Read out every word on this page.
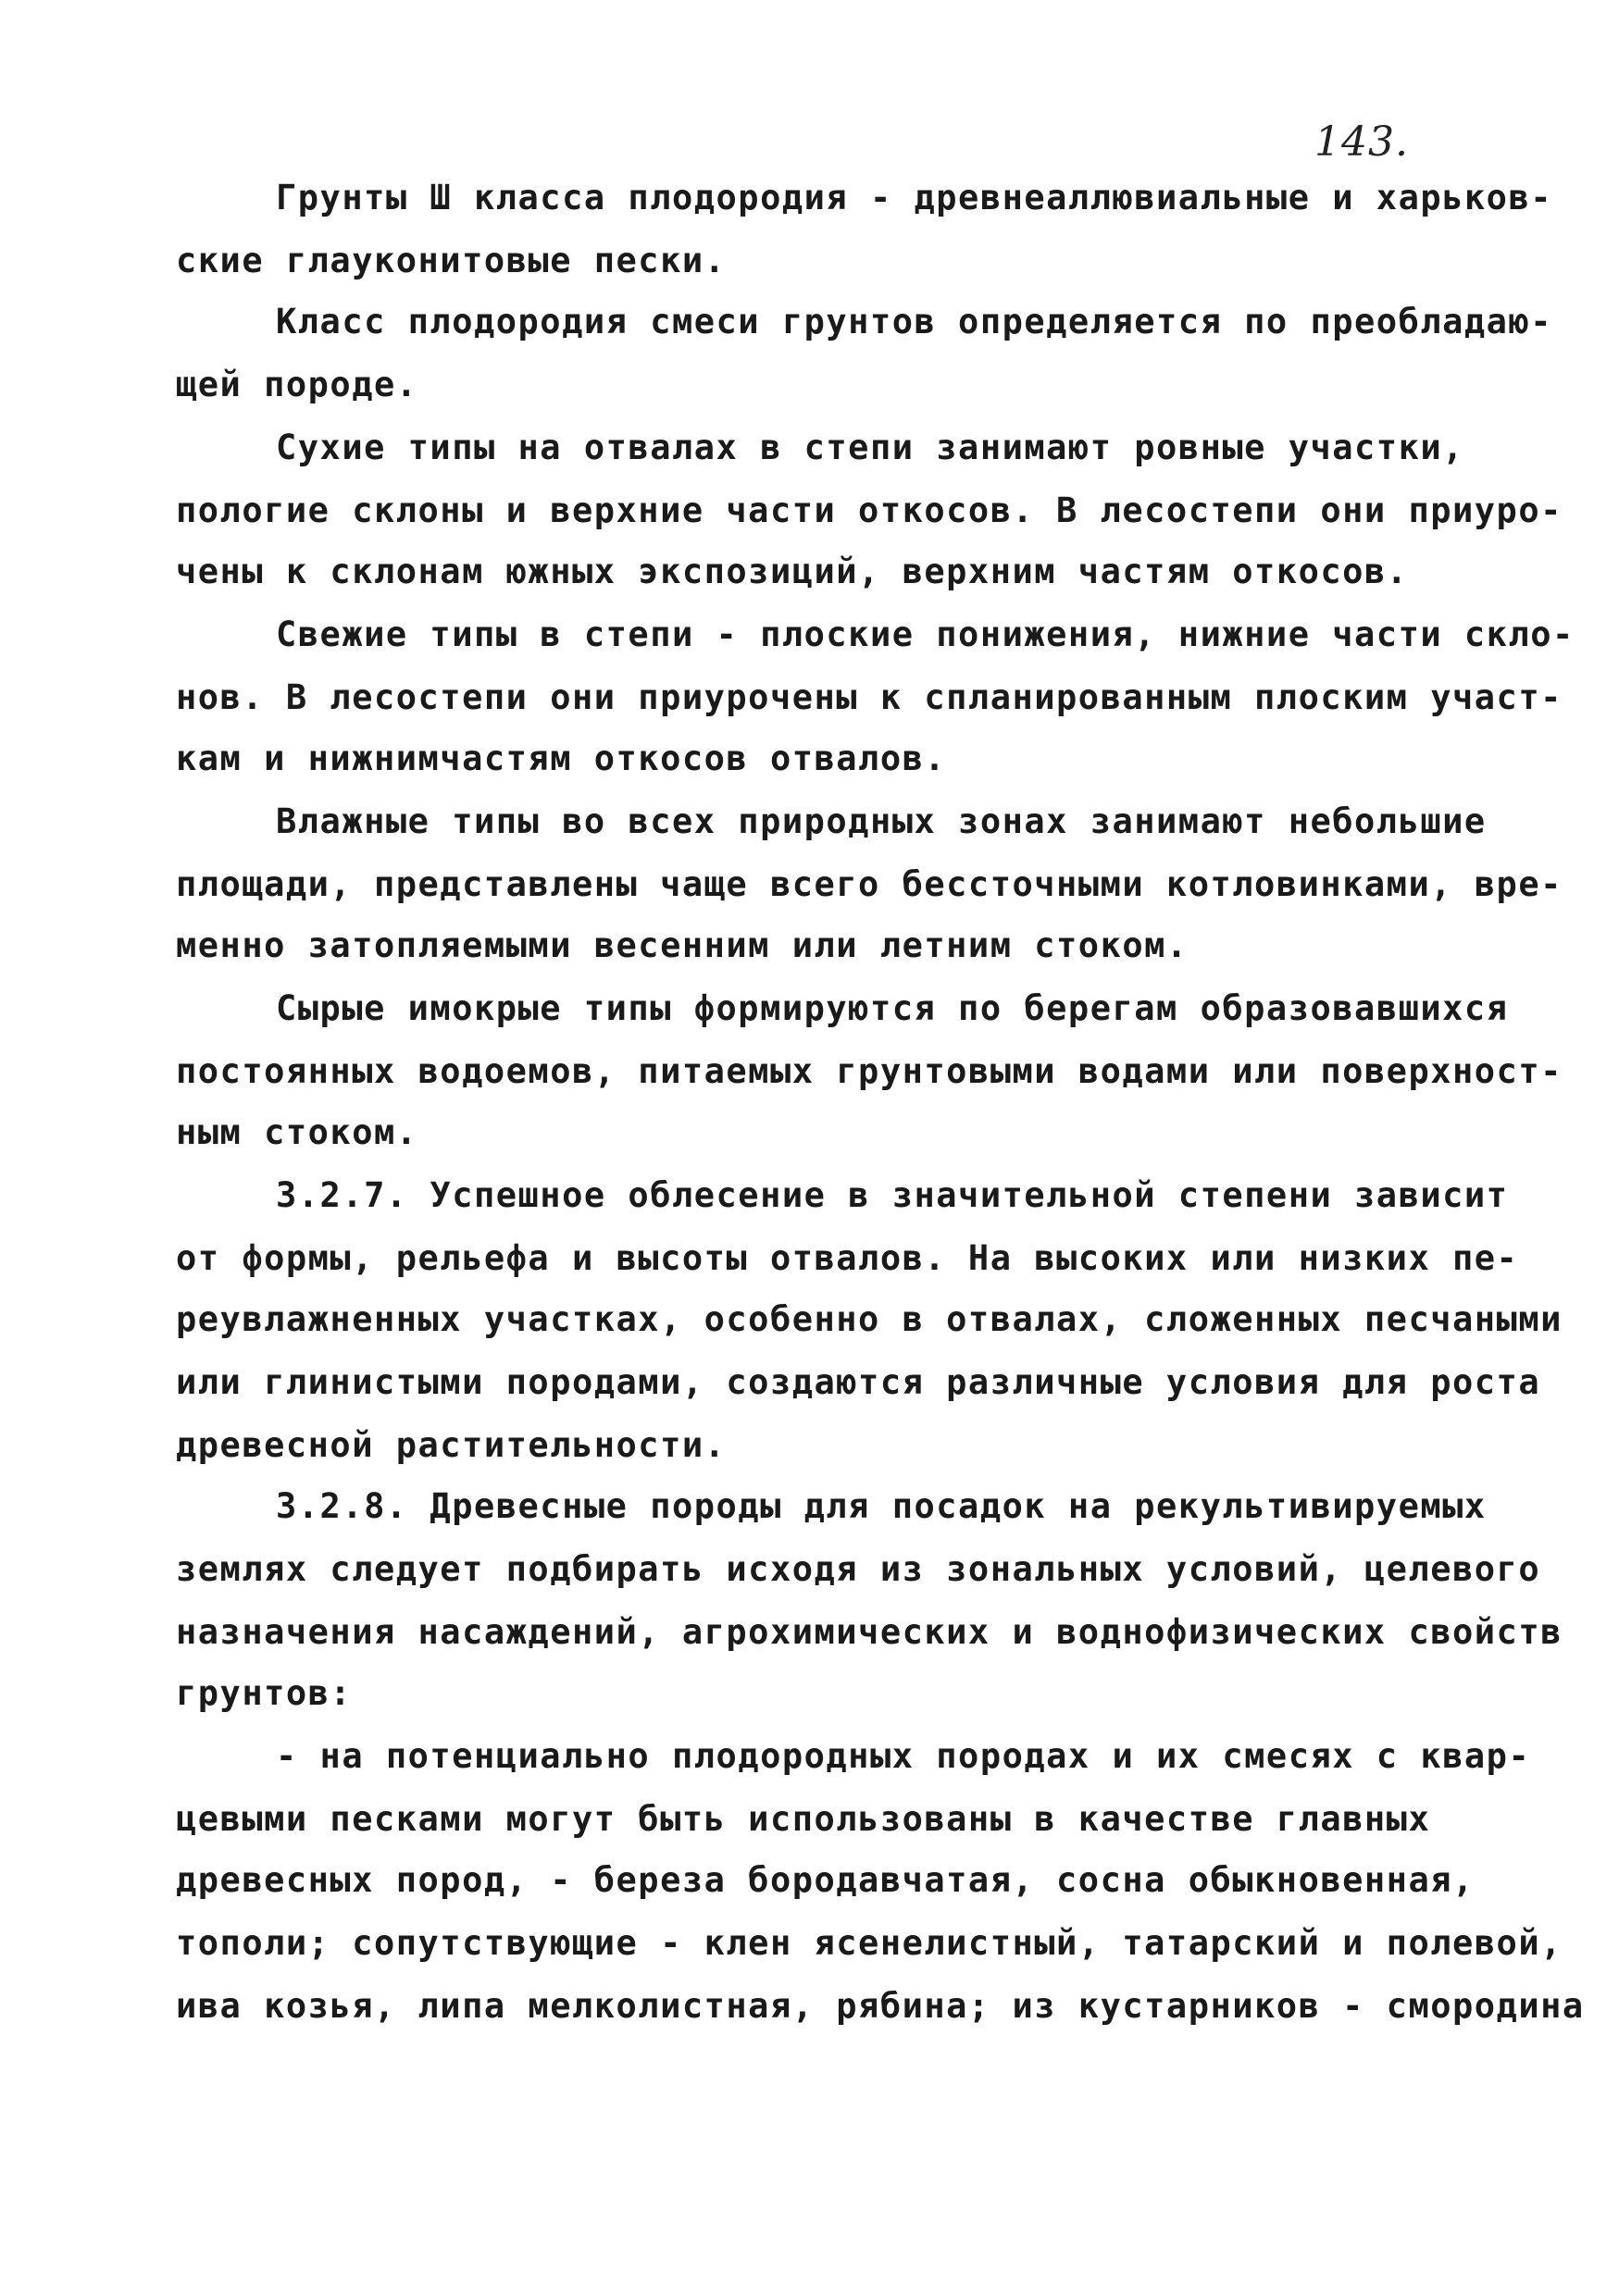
143.
Грунты Ш класса плодородия - древнеаллювиальные и харьков-
ские глауконитовые пески.
Класс плодородия смеси грунтов определяется по преобладаю-
щей породе.
Сухие типы на отвалах в степи занимают ровные участки,
пологие склоны и верхние части откосов. В лесостепи они приуро-
чены к склонам южных экспозиций, верхним частям откосов.
Свежие типы в степи - плоские понижения, нижние части скло-
нов. В лесостепи они приурочены к спланированным плоским участ-
кам и нижнимчастям откосов отвалов.
Влажные типы во всех природных зонах занимают небольшие
площади, представлены чаще всего бессточными котловинками, вре-
менно затопляемыми весенним или летним стоком.
Сырые имокрые типы формируются по берегам образовавшихся
постоянных водоемов, питаемых грунтовыми водами или поверхност-
ным стоком.
3.2.7. Успешное облесение в значительной степени зависит
от формы, рельефа и высоты отвалов. На высоких или низких пе-
реувлажненных участках, особенно в отвалах, сложенных песчаными
или глинистыми породами, создаются различные условия для роста
древесной растительности.
3.2.8. Древесные породы для посадок на рекультивируемых
землях следует подбирать исходя из зональных условий, целевого
назначения насаждений, агрохимических и воднофизических свойств
грунтов:
- на потенциально плодородных породах и их смесях с квар-
цевыми песками могут быть использованы в качестве главных
древесных пород, - береза бородавчатая, сосна обыкновенная,
тополи; сопутствующие - клен ясенелистный, татарский и полевой,
ива козья, липа мелколистная, рябина; из кустарников - смородина
